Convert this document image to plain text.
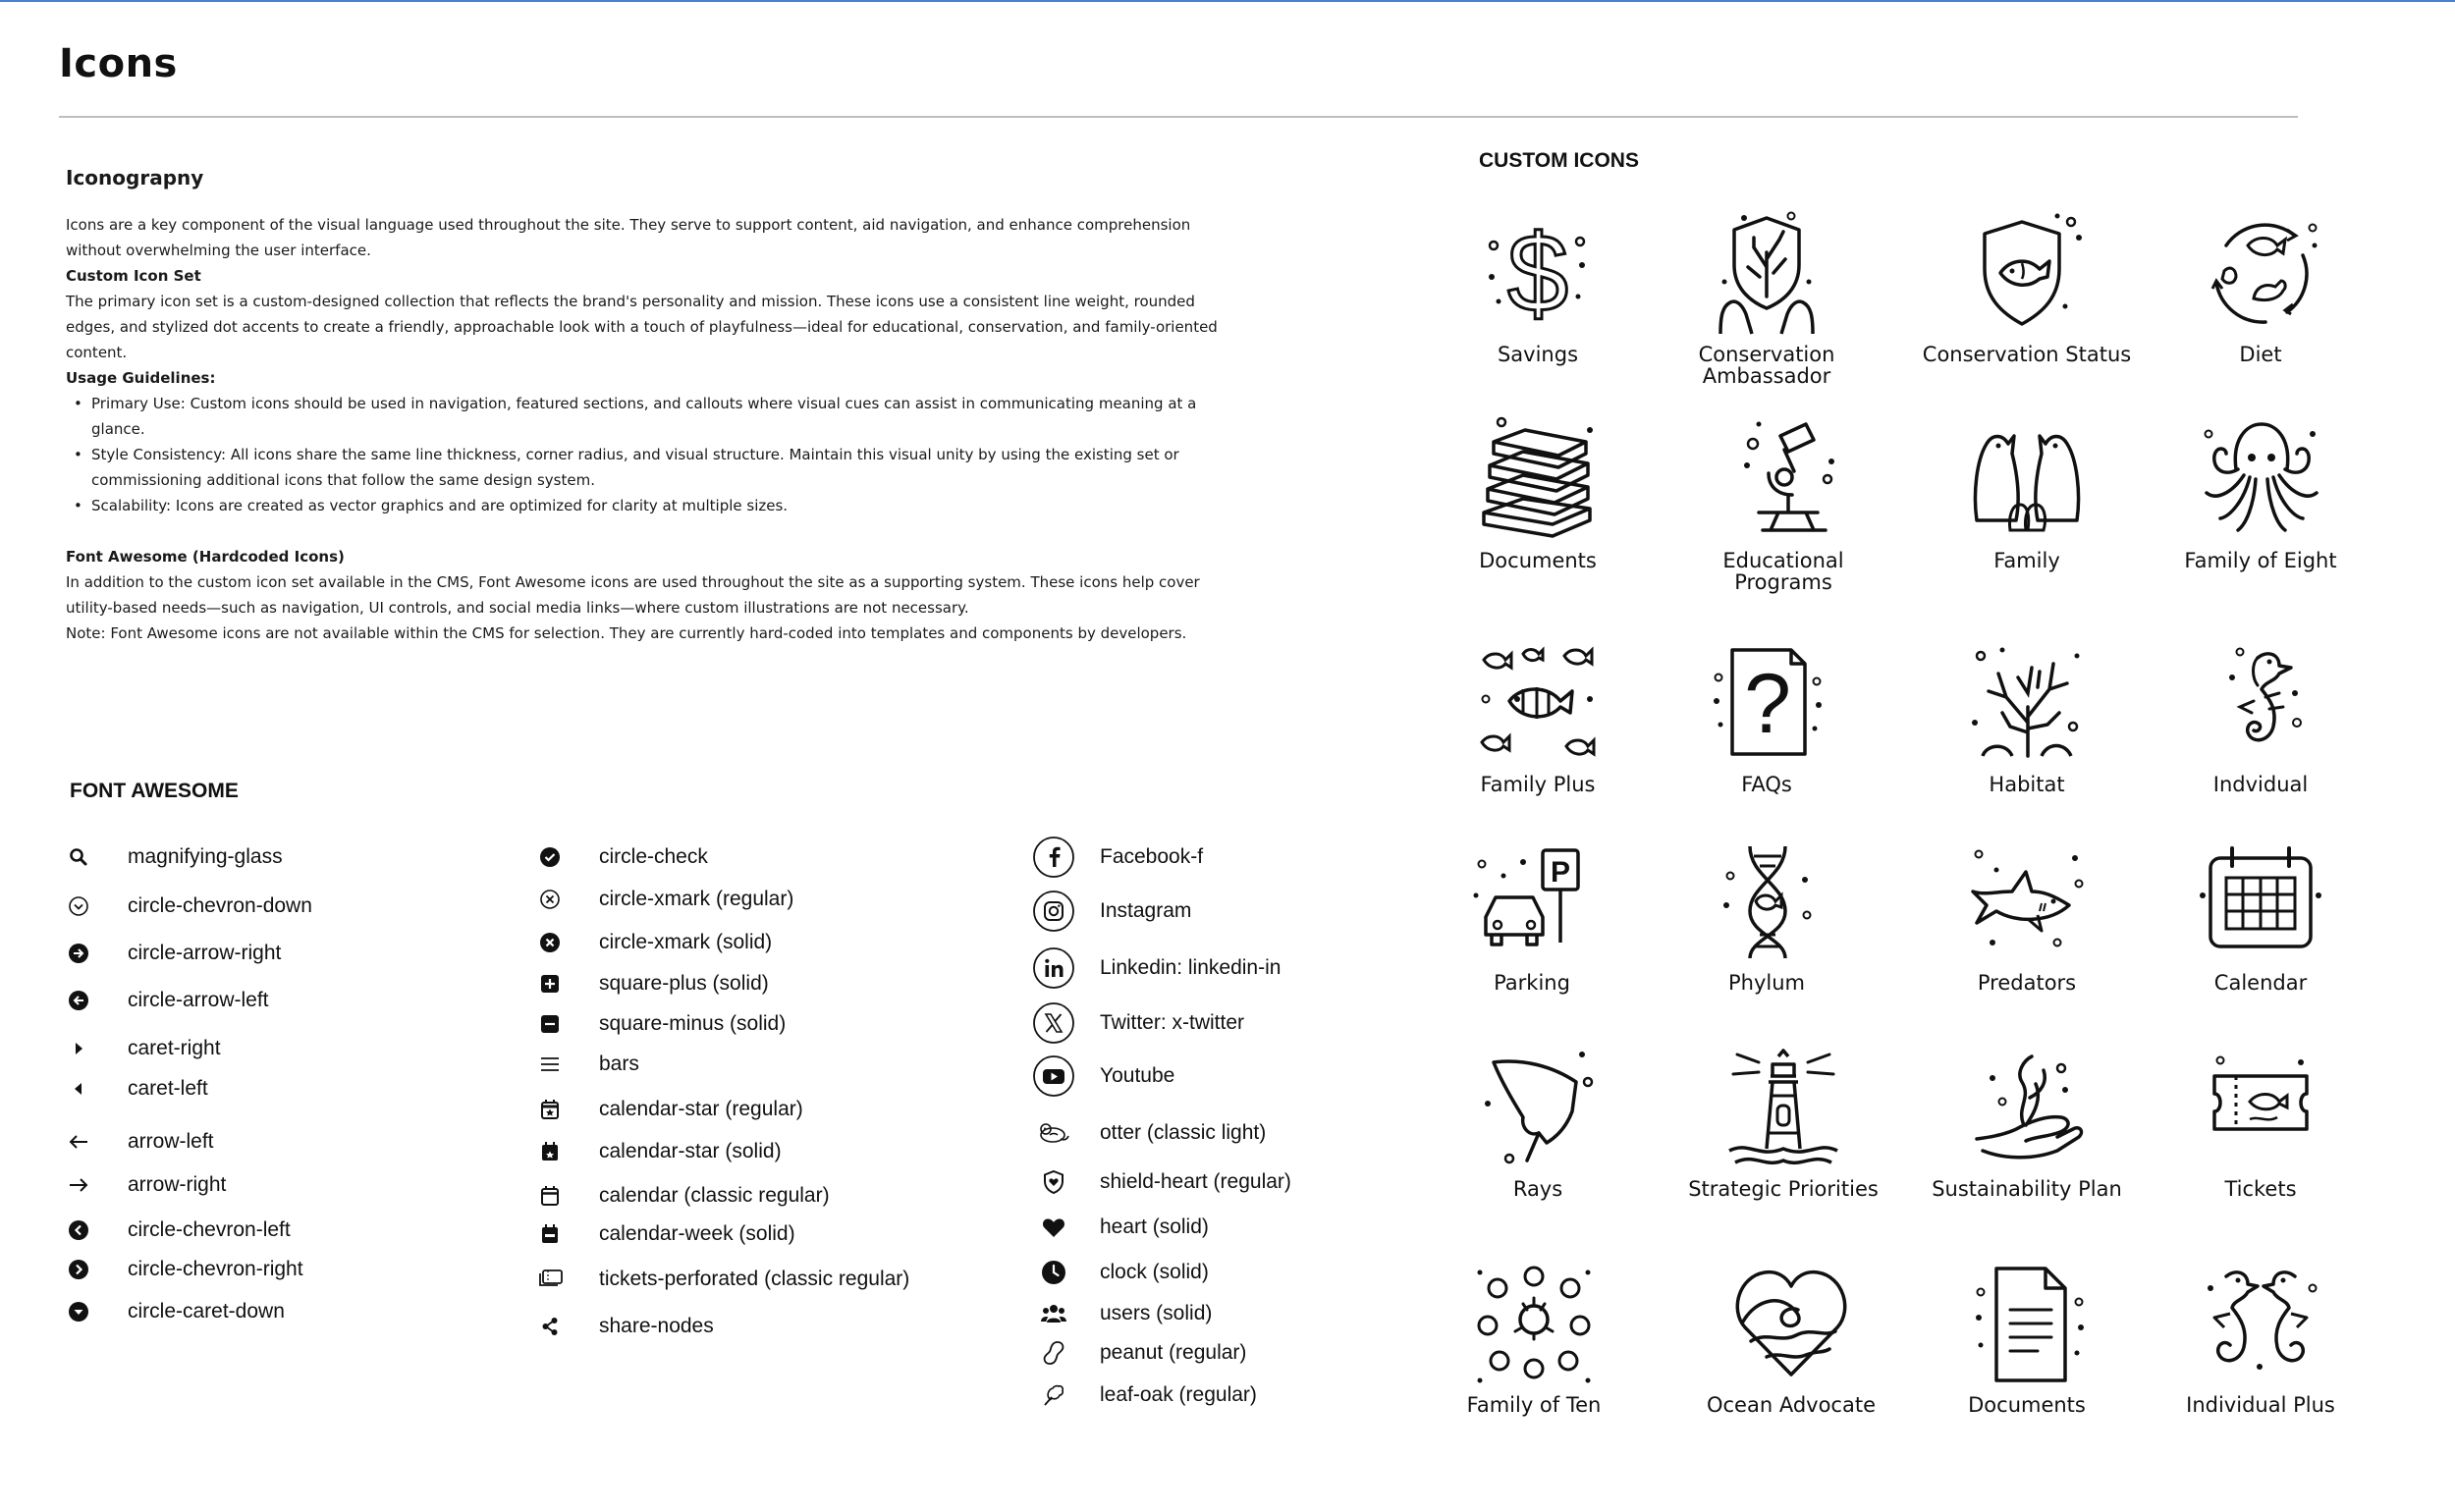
Icons
Iconograpny

Icons are a key component of the visual language used throughout the site. They serve to support content, aid navigation, and enhance comprehension without overwhelming the user interface.

Custom Icon Set

The primary icon set is a custom-designed collection that reflects the brand's personality and mission. These icons use a consistent line weight, rounded edges, and stylized dot accents to create a friendly, approachable look with a touch of playfulness—ideal for educational, conservation, and family-oriented content.

Usage Guidelines:
• Primary Use: Custom icons should be used in navigation, featured sections, and callouts where visual cues can assist in communicating meaning at a glance.
• Style Consistency: All icons share the same line thickness, corner radius, and visual structure. Maintain this visual unity by using the existing set or commissioning additional icons that follow the same design system.
• Scalability: Icons are created as vector graphics and are optimized for clarity at multiple sizes.
Font Awesome (Hardcoded Icons)

In addition to the custom icon set available in the CMS, Font Awesome icons are used throughout the site as a supporting system. These icons help cover utility-based needs—such as navigation, UI controls, and social media links—where custom illustrations are not necessary.

Note: Font Awesome icons are not available within the CMS for selection. They are currently hard-coded into templates and components by developers.

FONT AWESOME
magnifying-glass
circle-chevron-down
circle-arrow-right
circle-arrow-left
caret-right
caret-left
arrow-left
arrow-right
circle-chevron-left
circle-chevron-right
circle-caret-down
circle-check
circle-xmark (regular)
circle-xmark (solid)
square-plus (solid)
square-minus (solid)
bars
calendar-star (regular)
calendar-star (solid)
calendar (classic regular)
calendar-week (solid)
tickets-perforated (classic regular)
share-nodes
Facebook-f
Instagram
Linkedin: linkedin-in
Twitter: x-twitter
Youtube
otter (classic light)
shield-heart (regular)
heart (solid)
clock (solid)
users (solid)
peanut (regular)
leaf-oak (regular)
CUSTOM ICONS
$
Savings	Conservation Ambassador
Conservation Status	Diet
Documents	Educational Programs
Family	Family of Eight
Family Plus
?
FAQs	Habitat	Indvidual
P
Parking	Phylum	Predators	Calendar
Rays	Strategic Priorities	Sustainability Plan	Tickets
Family of Ten	Ocean Advocate	Documents	Individual Plus
